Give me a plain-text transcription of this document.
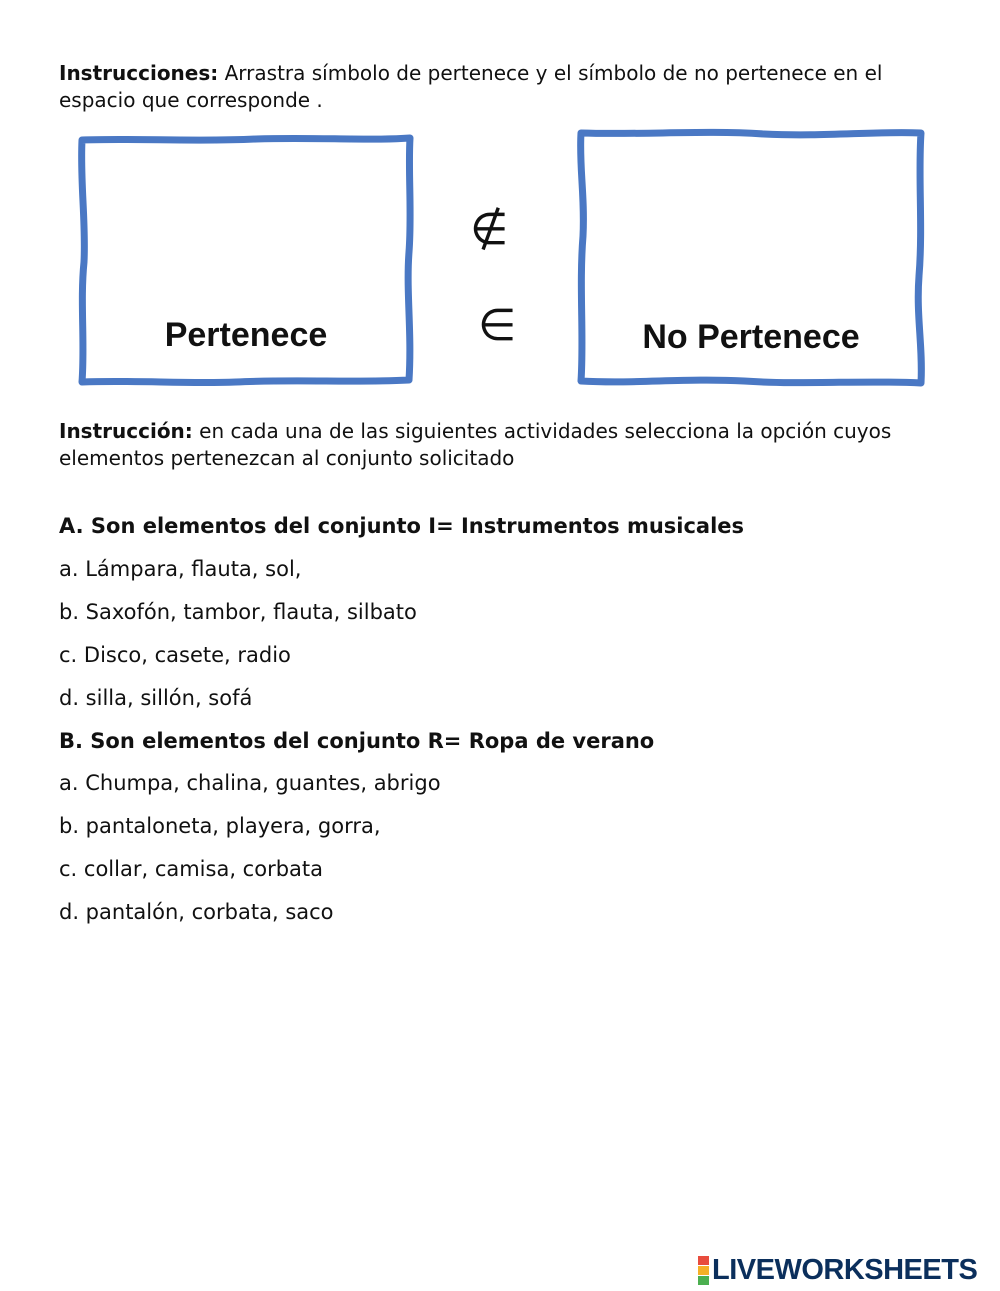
Instrucciones: Arrastra símbolo de pertenece y el símbolo de no pertenece en el espacio que corresponde .
Pertenece
∉
∈	No Pertenece
Instrucción: en cada una de las siguientes actividades selecciona la opción cuyos elementos pertenezcan al conjunto solicitado
A. Son elementos del conjunto I= Instrumentos musicales
a. Lámpara, flauta, sol,
b. Saxofón, tambor, flauta, silbato
c. Disco, casete, radio
d. silla, sillón, sofá
B. Son elementos del conjunto R= Ropa de verano
a. Chumpa, chalina, guantes, abrigo
b. pantaloneta, playera, gorra,
c. collar, camisa, corbata
d. pantalón, corbata, saco
LIVEWORKSHEETS
